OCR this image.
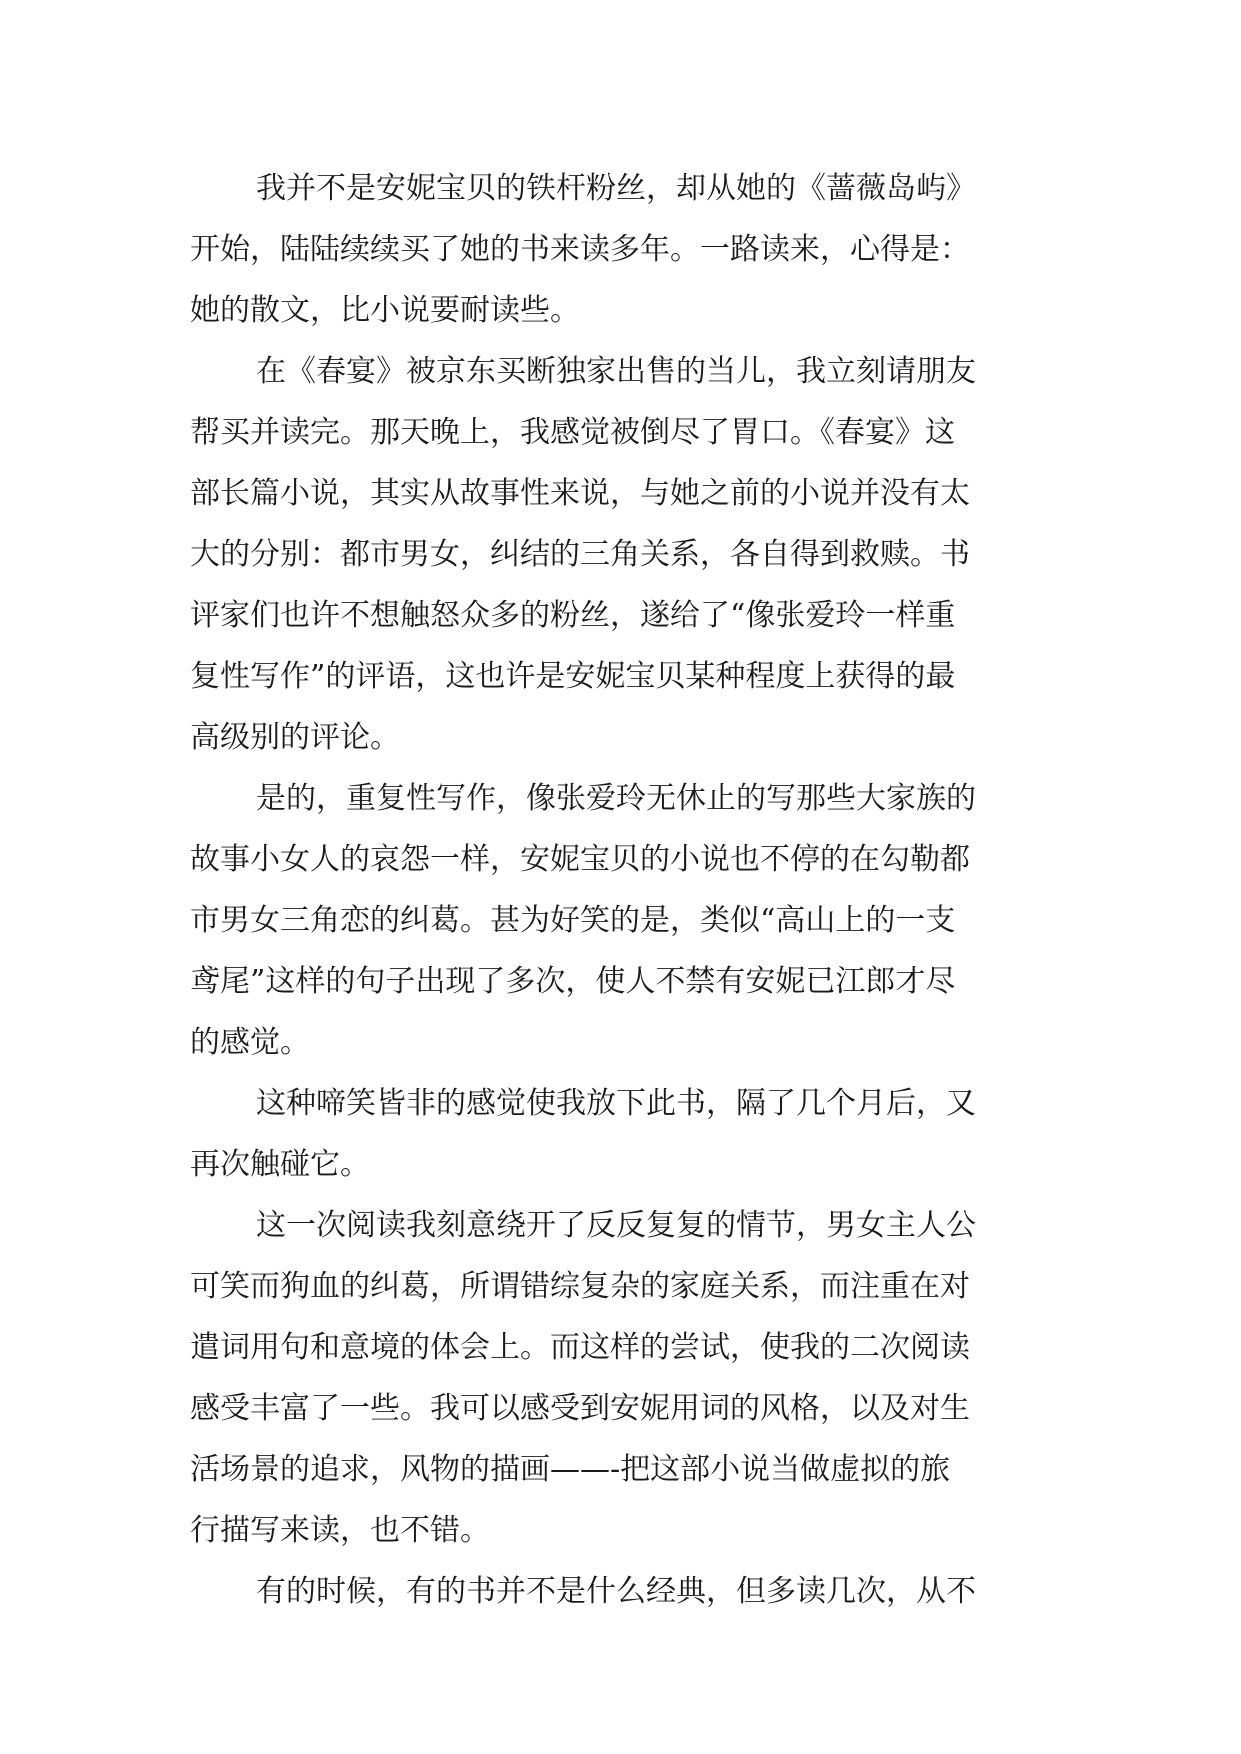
我并不是安妮宝贝的铁杆粉丝，却从她的《蔷薇岛屿》
开始，陆陆续续买了她的书来读多年。一路读来，心得是：
她的散文，比小说要耐读些。
在《春宴》被京东买断独家出售的当儿，我立刻请朋友
帮买并读完。那天晚上，我感觉被倒尽了胃口。《春宴》这
部长篇小说，其实从故事性来说，与她之前的小说并没有太
大的分别：都市男女，纠结的三角关系，各自得到救赎。书
评家们也许不想触怒众多的粉丝，遂给了“像张爱玲一样重
复性写作”的评语，这也许是安妮宝贝某种程度上获得的最
高级别的评论。
是的，重复性写作，像张爱玲无休止的写那些大家族的
故事小女人的哀怨一样，安妮宝贝的小说也不停的在勾勒都
市男女三角恋的纠葛。甚为好笑的是，类似“高山上的一支
鸢尾”这样的句子出现了多次，使人不禁有安妮已江郎才尽
的感觉。
这种啼笑皆非的感觉使我放下此书，隔了几个月后，又
再次触碰它。
这一次阅读我刻意绕开了反反复复的情节，男女主人公
可笑而狗血的纠葛，所谓错综复杂的家庭关系，而注重在对
遣词用句和意境的体会上。而这样的尝试，使我的二次阅读
感受丰富了一些。我可以感受到安妮用词的风格，以及对生
活场景的追求，风物的描画——-把这部小说当做虚拟的旅
行描写来读，也不错。
有的时候，有的书并不是什么经典，但多读几次，从不
